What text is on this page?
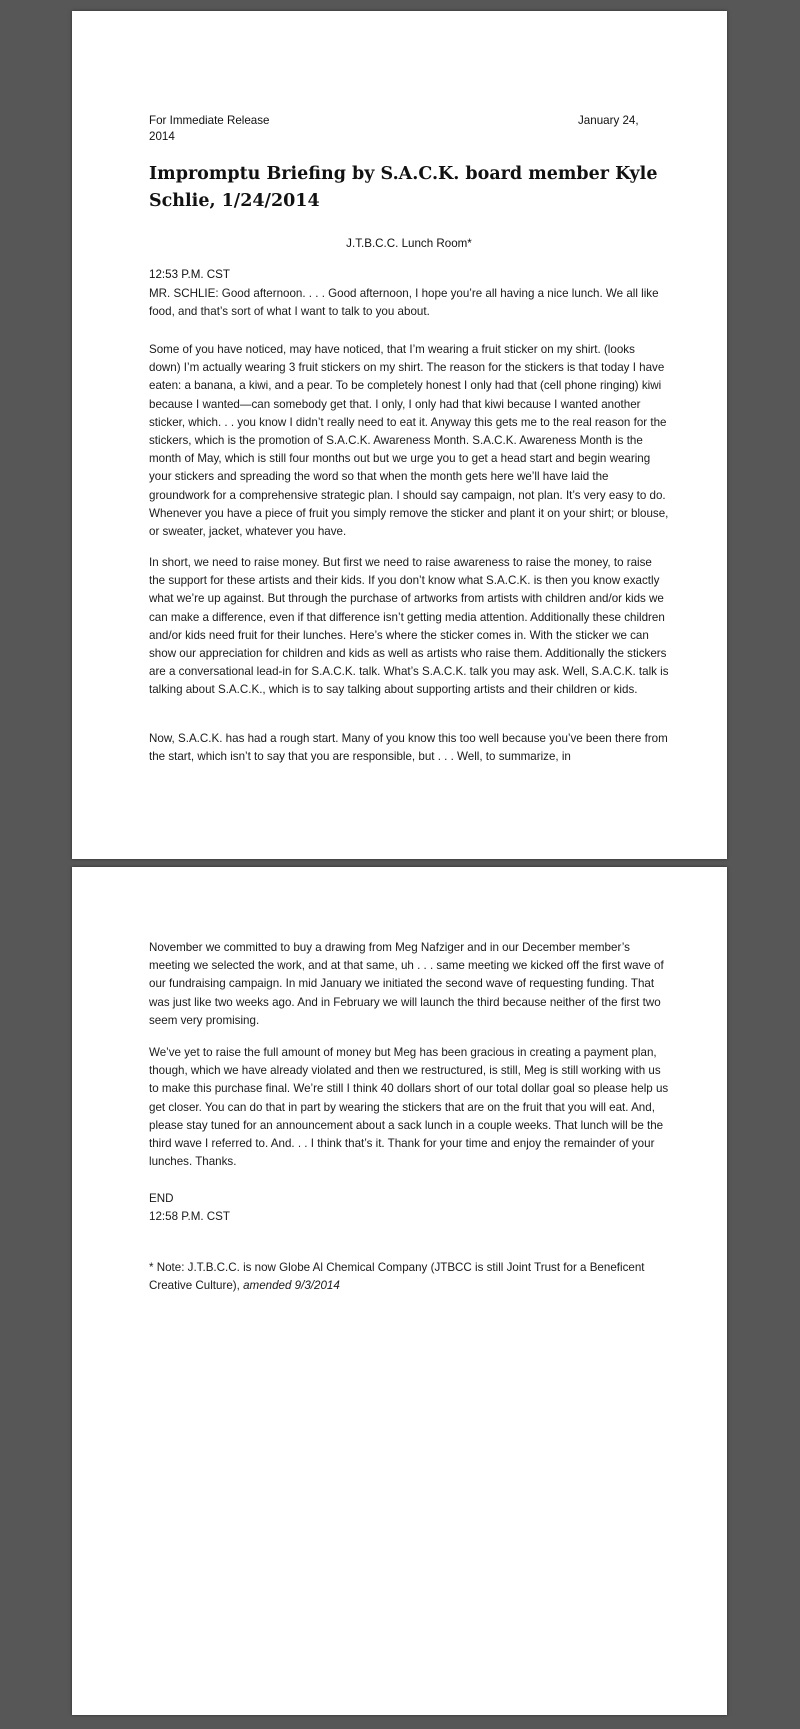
For Immediate Release	January 24,
2014
Impromptu Briefing by S.A.C.K. board member Kyle Schlie, 1/24/2014
J.T.B.C.C. Lunch Room*
12:53 P.M. CST

MR. SCHLIE: Good afternoon. . . . Good afternoon, I hope you’re all having a nice lunch. We all like food, and that’s sort of what I want to talk to you about.

Some of you have noticed, may have noticed, that I’m wearing a fruit sticker on my shirt. (looks down) I’m actually wearing 3 fruit stickers on my shirt. The reason for the stickers is that today I have eaten: a banana, a kiwi, and a pear. To be completely honest I only had that (cell phone ringing) kiwi because I wanted—can somebody get that. I only, I only had that kiwi because I wanted another sticker, which. . . you know I didn’t really need to eat it. Anyway this gets me to the real reason for the stickers, which is the promotion of S.A.C.K. Awareness Month. S.A.C.K. Awareness Month is the month of May, which is still four months out but we urge you to get a head start and begin wearing your stickers and spreading the word so that when the month gets here we’ll have laid the groundwork for a comprehensive strategic plan. I should say campaign, not plan. It’s very easy to do. Whenever you have a piece of fruit you simply remove the sticker and plant it on your shirt; or blouse, or sweater, jacket, whatever you have.

In short, we need to raise money. But first we need to raise awareness to raise the money, to raise the support for these artists and their kids. If you don’t know what S.A.C.K. is then you know exactly what we’re up against. But through the purchase of artworks from artists with children and/or kids we can make a difference, even if that difference isn’t getting media attention. Additionally these children and/or kids need fruit for their lunches. Here’s where the sticker comes in. With the sticker we can show our appreciation for children and kids as well as artists who raise them. Additionally the stickers are a conversational lead-in for S.A.C.K. talk. What’s S.A.C.K. talk you may ask. Well, S.A.C.K. talk is talking about S.A.C.K., which is to say talking about supporting artists and their children or kids.

Now, S.A.C.K. has had a rough start. Many of you know this too well because you’ve been there from the start, which isn’t to say that you are responsible, but . . . Well, to summarize, in

November we committed to buy a drawing from Meg Nafziger and in our December member’s meeting we selected the work, and at that same, uh . . . same meeting we kicked off the first wave of our fundraising campaign. In mid January we initiated the second wave of requesting funding. That was just like two weeks ago. And in February we will launch the third because neither of the first two seem very promising.

We’ve yet to raise the full amount of money but Meg has been gracious in creating a payment plan, though, which we have already violated and then we restructured, is still, Meg is still working with us to make this purchase final. We’re still I think 40 dollars short of our total dollar goal so please help us get closer. You can do that in part by wearing the stickers that are on the fruit that you will eat. And, please stay tuned for an announcement about a sack lunch in a couple weeks. That lunch will be the third wave I referred to. And. . . I think that’s it. Thank for your time and enjoy the remainder of your lunches. Thanks.

END

12:58 P.M. CST

* Note: J.T.B.C.C. is now Globe Al Chemical Company (JTBCC is still Joint Trust for a Beneficent Creative Culture), amended 9/3/2014
